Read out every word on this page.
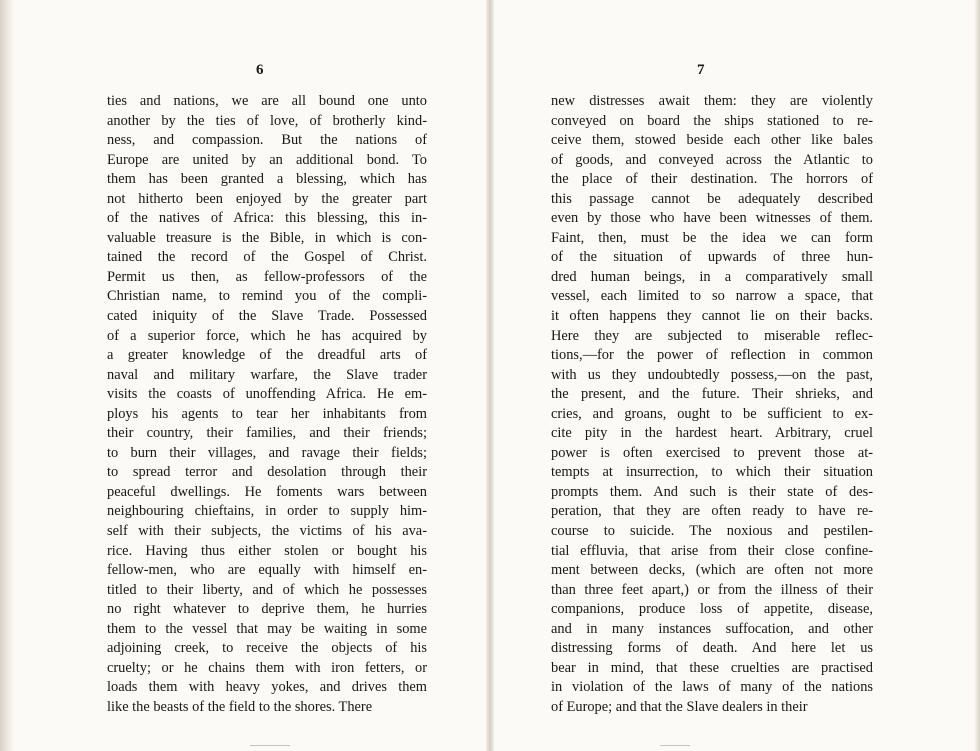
6
ties and nations, we are all bound one unto
another by the ties of love, of brotherly kind-
ness, and compassion. But the nations of
Europe are united by an additional bond. To
them has been granted a blessing, which has
not hitherto been enjoyed by the greater part
of the natives of Africa: this blessing, this in-
valuable treasure is the Bible, in which is con-
tained the record of the Gospel of Christ.
Permit us then, as fellow-professors of the
Christian name, to remind you of the compli-
cated iniquity of the Slave Trade. Possessed
of a superior force, which he has acquired by
a greater knowledge of the dreadful arts of
naval and military warfare, the Slave trader
visits the coasts of unoffending Africa. He em-
ploys his agents to tear her inhabitants from
their country, their families, and their friends;
to burn their villages, and ravage their fields;
to spread terror and desolation through their
peaceful dwellings. He foments wars between
neighbouring chieftains, in order to supply him-
self with their subjects, the victims of his ava-
rice. Having thus either stolen or bought his
fellow-men, who are equally with himself en-
titled to their liberty, and of which he possesses
no right whatever to deprive them, he hurries
them to the vessel that may be waiting in some
adjoining creek, to receive the objects of his
cruelty; or he chains them with iron fetters, or
loads them with heavy yokes, and drives them
like the beasts of the field to the shores. There
7
new distresses await them: they are violently
conveyed on board the ships stationed to re-
ceive them, stowed beside each other like bales
of goods, and conveyed across the Atlantic to
the place of their destination. The horrors of
this passage cannot be adequately described
even by those who have been witnesses of them.
Faint, then, must be the idea we can form
of the situation of upwards of three hun-
dred human beings, in a comparatively small
vessel, each limited to so narrow a space, that
it often happens they cannot lie on their backs.
Here they are subjected to miserable reflec-
tions,—for the power of reflection in common
with us they undoubtedly possess,—on the past,
the present, and the future. Their shrieks, and
cries, and groans, ought to be sufficient to ex-
cite pity in the hardest heart. Arbitrary, cruel
power is often exercised to prevent those at-
tempts at insurrection, to which their situation
prompts them. And such is their state of des-
peration, that they are often ready to have re-
course to suicide. The noxious and pestilen-
tial effluvia, that arise from their close confine-
ment between decks, (which are often not more
than three feet apart,) or from the illness of their
companions, produce loss of appetite, disease,
and in many instances suffocation, and other
distressing forms of death. And here let us
bear in mind, that these cruelties are practised
in violation of the laws of many of the nations
of Europe; and that the Slave dealers in their
